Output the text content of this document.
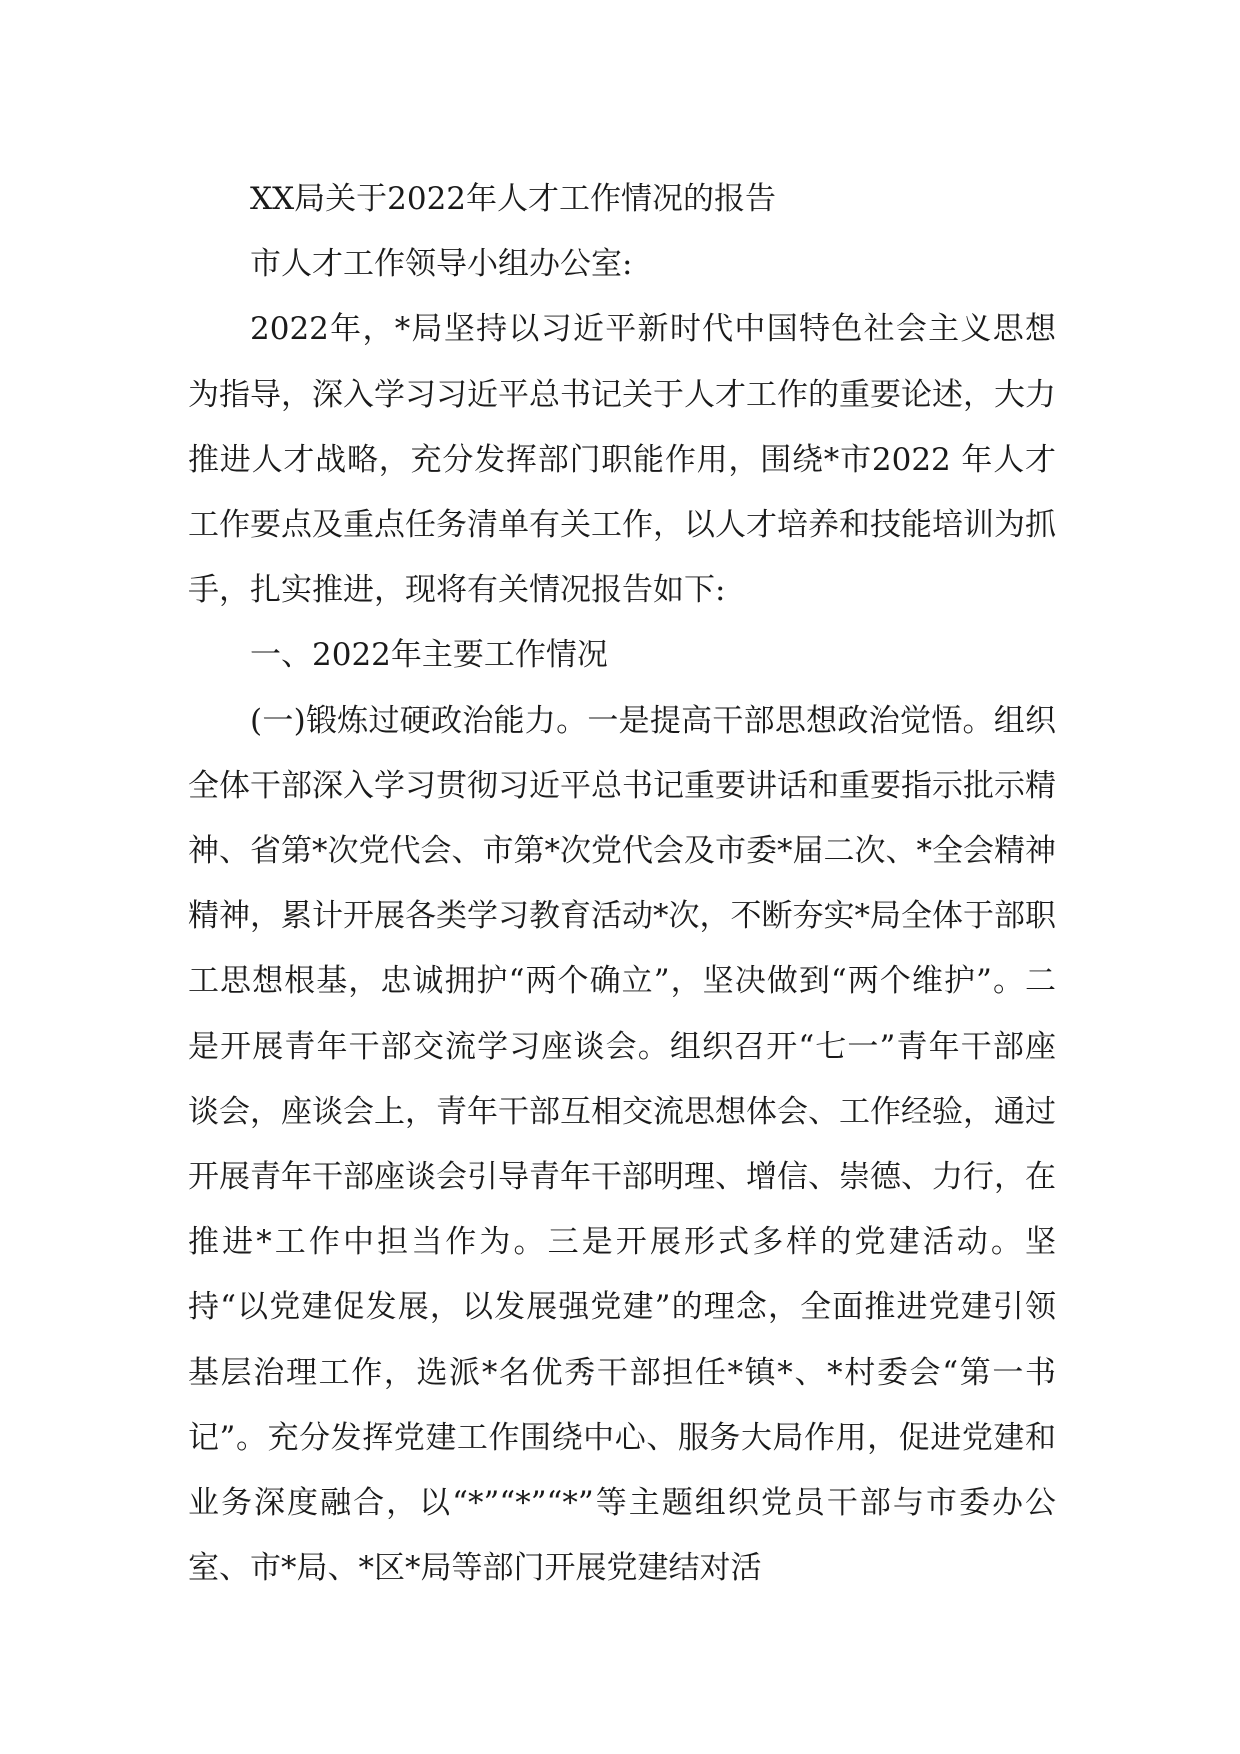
XX局关于2022年人才工作情况的报告

市人才工作领导小组办公室:

2022年，*局坚持以习近平新时代中国特色社会主义思想为指导，深入学习习近平总书记关于人才工作的重要论述，大力推进人才战略，充分发挥部门职能作用，围绕*市2022 年人才工作要点及重点任务清单有关工作，以人才培养和技能培训为抓手，扎实推进，现将有关情况报告如下:

一、2022年主要工作情况

(一)锻炼过硬政治能力。一是提高干部思想政治觉悟。组织全体干部深入学习贯彻习近平总书记重要讲话和重要指示批示精神、省第*次党代会、市第*次党代会及市委*届二次、*全会精神精神，累计开展各类学习教育活动*次，不断夯实*局全体于部职工思想根基，忠诚拥护“两个确立”，坚决做到“两个维护”。二是开展青年干部交流学习座谈会。组织召开“七一”青年干部座谈会，座谈会上，青年干部互相交流思想体会、工作经验，通过开展青年干部座谈会引导青年干部明理、增信、崇德、力行，在推进*工作中担当作为。三是开展形式多样的党建活动。坚持“以党建促发展，以发展强党建”的理念，全面推进党建引领基层治理工作，选派*名优秀干部担任*镇*、*村委会“第一书记”。充分发挥党建工作围绕中心、服务大局作用，促进党建和业务深度融合，以“*”“*”“*”等主题组织党员干部与市委办公室、市*局、*区*局等部门开展党建结对活
